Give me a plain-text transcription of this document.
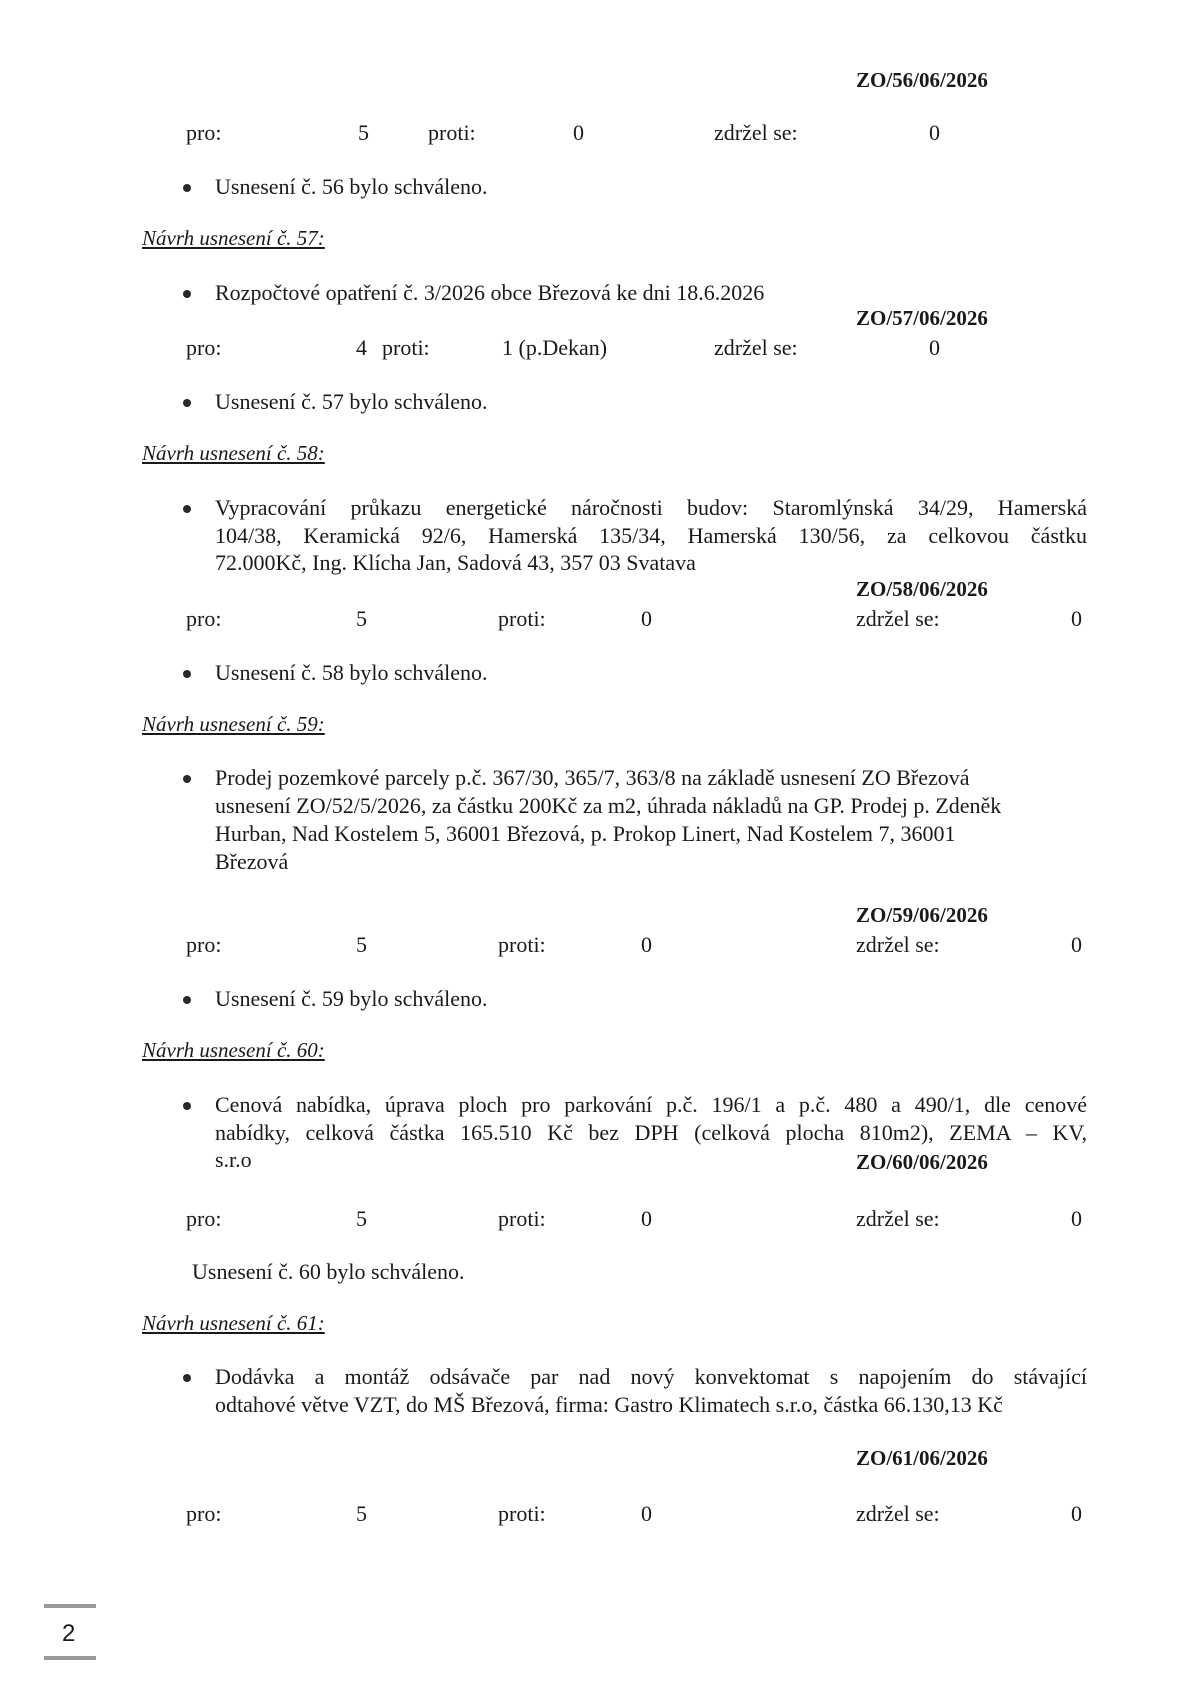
ZO/56/06/2026
pro:	5	proti:	0	zdržel se:	0
Usnesení č. 56 bylo schváleno.
Návrh usnesení č. 57:
Rozpočtové opatření č. 3/2026 obce Březová ke dni 18.6.2026
ZO/57/06/2026
pro:	4 proti:	1 (p.Dekan)	zdržel se:	0
Usnesení č. 57 bylo schváleno.
Návrh usnesení č. 58:
Vypracování průkazu energetické náročnosti budov: Staromlýnská 34/29, Hamerská
104/38, Keramická 92/6, Hamerská 135/34, Hamerská 130/56, za celkovou částku
72.000Kč, Ing. Klícha Jan, Sadová 43, 357 03 Svatava
ZO/58/06/2026
pro:	5	proti:	0	zdržel se:	0
Usnesení č. 58 bylo schváleno.
Návrh usnesení č. 59:
Prodej pozemkové parcely p.č. 367/30, 365/7, 363/8 na základě usnesení ZO Březová
usnesení ZO/52/5/2026, za částku 200Kč za m2, úhrada nákladů na GP. Prodej p. Zdeněk
Hurban, Nad Kostelem 5, 36001 Březová, p. Prokop Linert, Nad Kostelem 7, 36001
Březová
ZO/59/06/2026
pro:	5	proti:	0	zdržel se:	0
Usnesení č. 59 bylo schváleno.
Návrh usnesení č. 60:
Cenová nabídka, úprava ploch pro parkování p.č. 196/1 a p.č. 480 a 490/1, dle cenové
nabídky, celková částka 165.510 Kč bez DPH (celková plocha 810m2), ZEMA – KV,
s.r.o	ZO/60/06/2026
pro:	5	proti:	0	zdržel se:	0
Usnesení č. 60 bylo schváleno.
Návrh usnesení č. 61:
Dodávka a montáž odsávače par nad nový konvektomat s napojením do stávající
odtahové větve VZT, do MŠ Březová, firma: Gastro Klimatech s.r.o, částka 66.130,13 Kč
ZO/61/06/2026
pro:	5	proti:	0	zdržel se:	0
2
